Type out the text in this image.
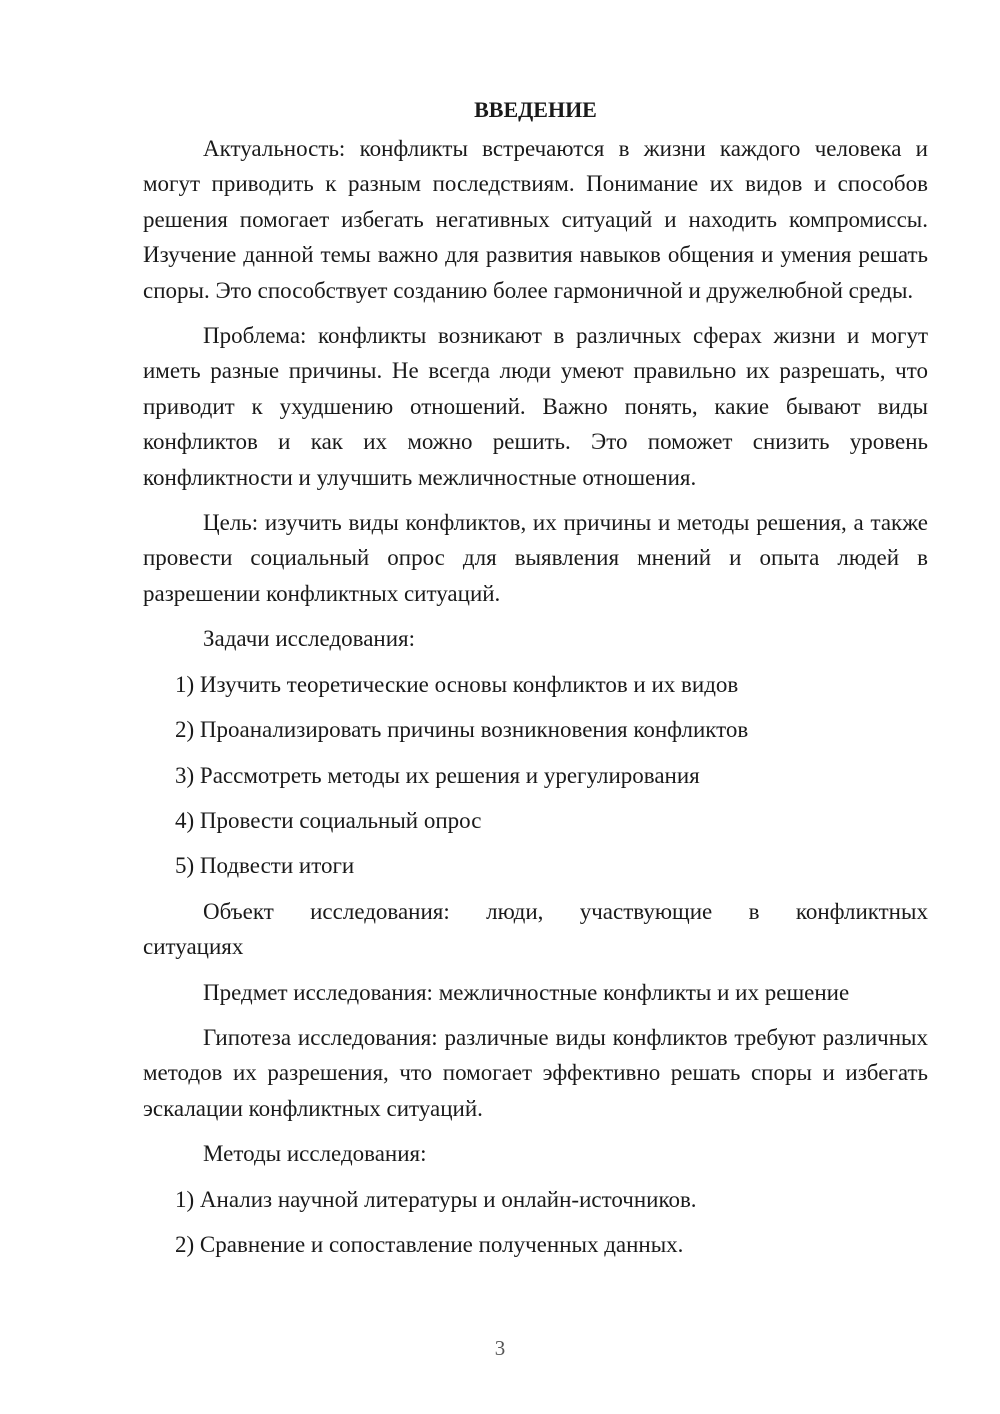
ВВЕДЕНИЕ

Актуальность: конфликты встречаются в жизни каждого человека и могут приводить к разным последствиям. Понимание их видов и способов решения помогает избегать негативных ситуаций и находить компромиссы. Изучение данной темы важно для развития навыков общения и умения решать споры. Это способствует созданию более гармоничной и дружелюбной среды.

Проблема: конфликты возникают в различных сферах жизни и могут иметь разные причины. Не всегда люди умеют правильно их разрешать, что приводит к ухудшению отношений. Важно понять, какие бывают виды конфликтов и как их можно решить. Это поможет снизить уровень конфликтности и улучшить межличностные отношения.

Цель: изучить виды конфликтов, их причины и методы решения, а также провести социальный опрос для выявления мнений и опыта людей в разрешении конфликтных ситуаций.

Задачи исследования:
1) Изучить теоретические основы конфликтов и их видов
2) Проанализировать причины возникновения конфликтов
3) Рассмотреть методы их решения и урегулирования
4) Провести социальный опрос
5) Подвести итоги
Объект исследования: люди, участвующие в конфликтных
ситуациях
Предмет исследования: межличностные конфликты и их решение

Гипотеза исследования: различные виды конфликтов требуют различных методов их разрешения, что помогает эффективно решать споры и избегать эскалации конфликтных ситуаций.

Методы исследования:
1) Анализ научной литературы и онлайн-источников.
2) Сравнение и сопоставление полученных данных.
3
